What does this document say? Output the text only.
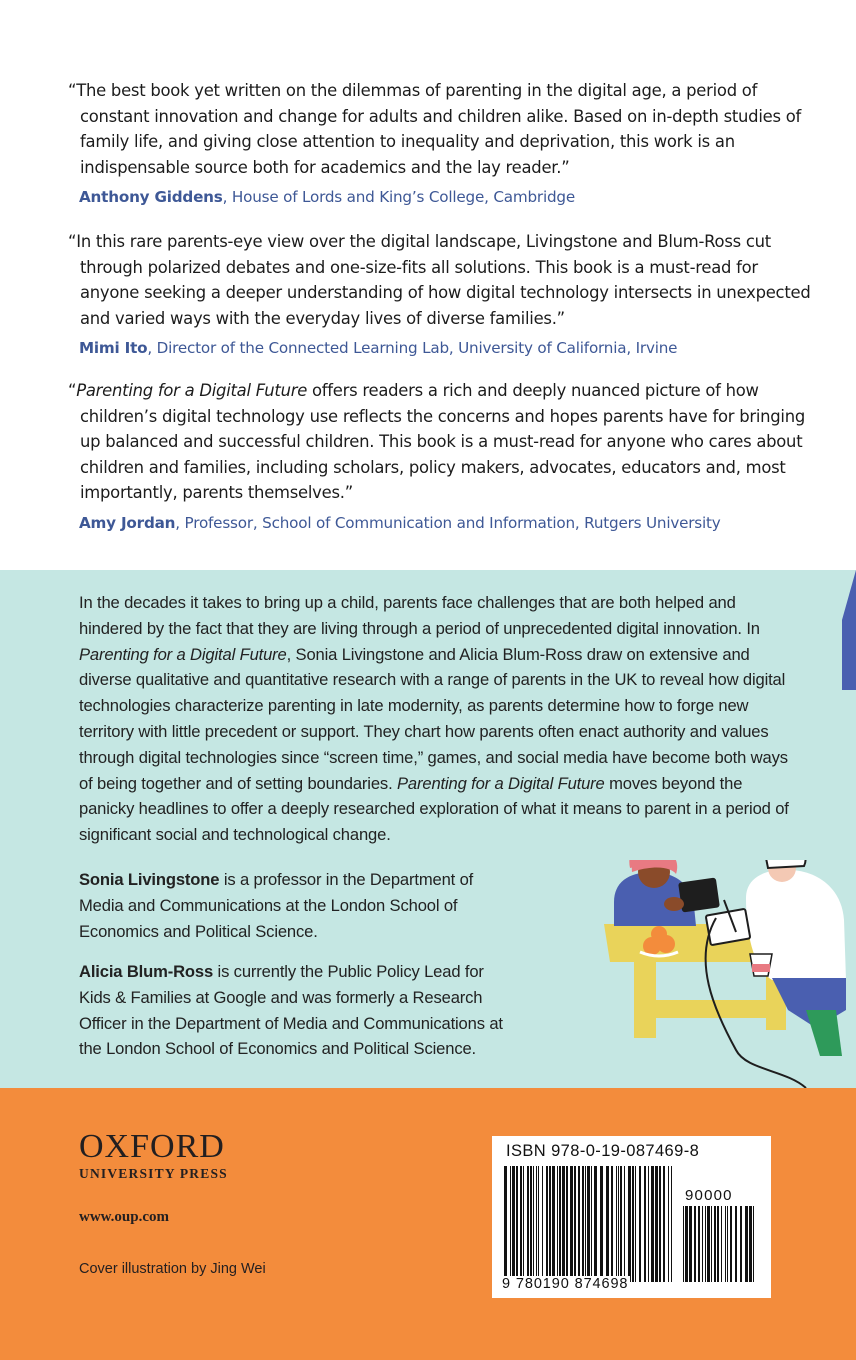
“The best book yet written on the dilemmas of parenting in the digital age, a period of constant innovation and change for adults and children alike. Based on in-depth studies of family life, and giving close attention to inequality and deprivation, this work is an indispensable source both for academics and the lay reader.”
Anthony Giddens, House of Lords and King’s College, Cambridge
“In this rare parents-eye view over the digital landscape, Livingstone and Blum-Ross cut through polarized debates and one-size-fits all solutions. This book is a must-read for anyone seeking a deeper understanding of how digital technology intersects in unexpected and varied ways with the everyday lives of diverse families.”
Mimi Ito, Director of the Connected Learning Lab, University of California, Irvine
“Parenting for a Digital Future offers readers a rich and deeply nuanced picture of how children’s digital technology use reflects the concerns and hopes parents have for bringing up balanced and successful children. This book is a must-read for anyone who cares about children and families, including scholars, policy makers, advocates, educators and, most importantly, parents themselves.”
Amy Jordan, Professor, School of Communication and Information, Rutgers University

In the decades it takes to bring up a child, parents face challenges that are both helped and hindered by the fact that they are living through a period of unprecedented digital innovation. In Parenting for a Digital Future, Sonia Livingstone and Alicia Blum-Ross draw on extensive and diverse qualitative and quantitative research with a range of parents in the UK to reveal how digital technologies characterize parenting in late modernity, as parents determine how to forge new territory with little precedent or support. They chart how parents often enact authority and values through digital technologies since “screen time,” games, and social media have become both ways of being together and of setting boundaries. Parenting for a Digital Future moves beyond the panicky headlines to offer a deeply researched exploration of what it means to parent in a period of significant social and technological change.

Sonia Livingstone is a professor in the Department of Media and Communications at the London School of Economics and Political Science.

Alicia Blum-Ross is currently the Public Policy Lead for Kids & Families at Google and was formerly a Research Officer in the Department of Media and Communications at the London School of Economics and Political Science.

OXFORD
UNIVERSITY PRESS
www.oup.com
Cover illustration by Jing Wei
ISBN 978-0-19-087469-8
90000
9 780190 874698
